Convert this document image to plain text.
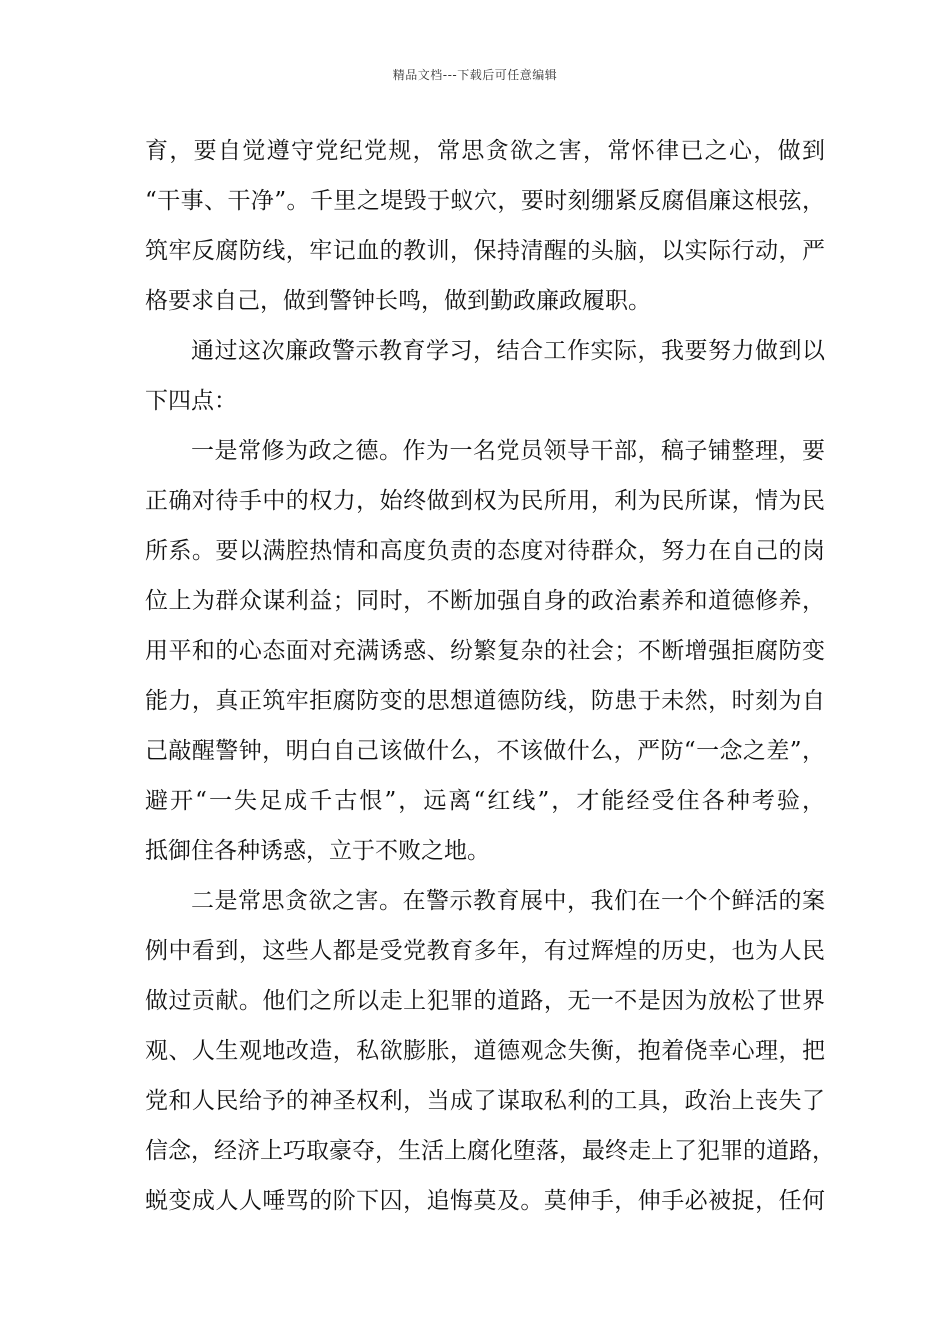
精品文档---下载后可任意编辑
育，要自觉遵守党纪党规，常思贪欲之害，常怀律已之心，做到
“干事、干净”。千里之堤毁于蚁穴，要时刻绷紧反腐倡廉这根弦，
筑牢反腐防线，牢记血的教训，保持清醒的头脑，以实际行动，严
格要求自己，做到警钟长鸣，做到勤政廉政履职。
通过这次廉政警示教育学习，结合工作实际，我要努力做到以
下四点：
一是常修为政之德。作为一名党员领导干部，稿子铺整理，要
正确对待手中的权力，始终做到权为民所用，利为民所谋，情为民
所系。要以满腔热情和高度负责的态度对待群众，努力在自己的岗
位上为群众谋利益；同时，不断加强自身的政治素养和道德修养，
用平和的心态面对充满诱惑、纷繁复杂的社会；不断增强拒腐防变
能力，真正筑牢拒腐防变的思想道德防线，防患于未然，时刻为自
己敲醒警钟，明白自己该做什么，不该做什么，严防“一念之差”，
避开“一失足成千古恨”，远离“红线”，才能经受住各种考验，
抵御住各种诱惑，立于不败之地。
二是常思贪欲之害。在警示教育展中，我们在一个个鲜活的案
例中看到，这些人都是受党教育多年，有过辉煌的历史，也为人民
做过贡献。他们之所以走上犯罪的道路，无一不是因为放松了世界
观、人生观地改造，私欲膨胀，道德观念失衡，抱着侥幸心理，把
党和人民给予的神圣权利，当成了谋取私利的工具，政治上丧失了
信念，经济上巧取豪夺，生活上腐化堕落，最终走上了犯罪的道路，
蜕变成人人唾骂的阶下囚，追悔莫及。莫伸手，伸手必被捉，任何
